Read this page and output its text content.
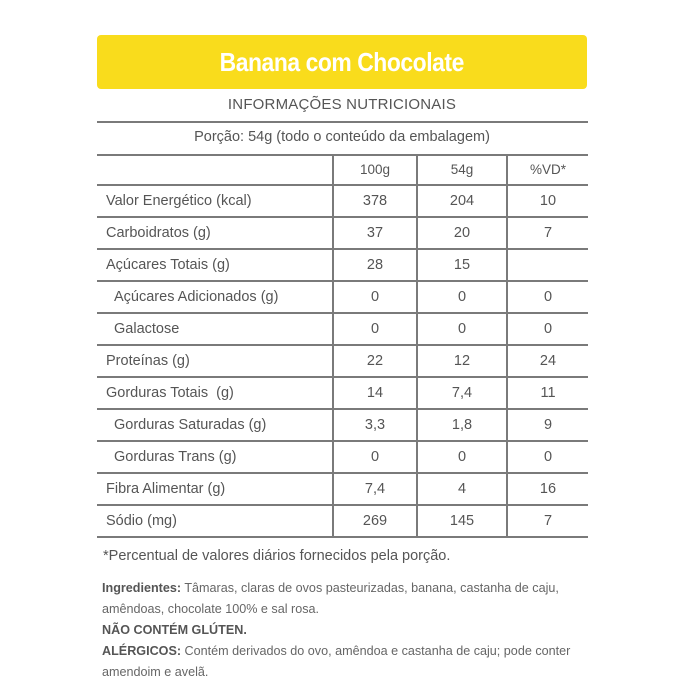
Banana com Chocolate
INFORMAÇÕES NUTRICIONAIS
Porção: 54g (todo o conteúdo da embalagem)
	100g	54g	%VD*
Valor Energético (kcal)	378	204	10
Carboidratos (g)	37	20	7
Açúcares Totais (g)	28	15	
Açúcares Adicionados (g)	0	0	0
Galactose	0	0	0
Proteínas (g)	22	12	24
Gorduras Totais  (g)	14	7,4	11
Gorduras Saturadas (g)	3,3	1,8	9
Gorduras Trans (g)	0	0	0
Fibra Alimentar (g)	7,4	4	16
Sódio (mg)	269	145	7
*Percentual de valores diários fornecidos pela porção.
Ingredientes: Tâmaras, claras de ovos pasteurizadas, banana, castanha de caju, amêndoas, chocolate 100% e sal rosa.
NÃO CONTÉM GLÚTEN.
ALÉRGICOS: Contém derivados do ovo, amêndoa e castanha de caju; pode conter amendoim e avelã.
